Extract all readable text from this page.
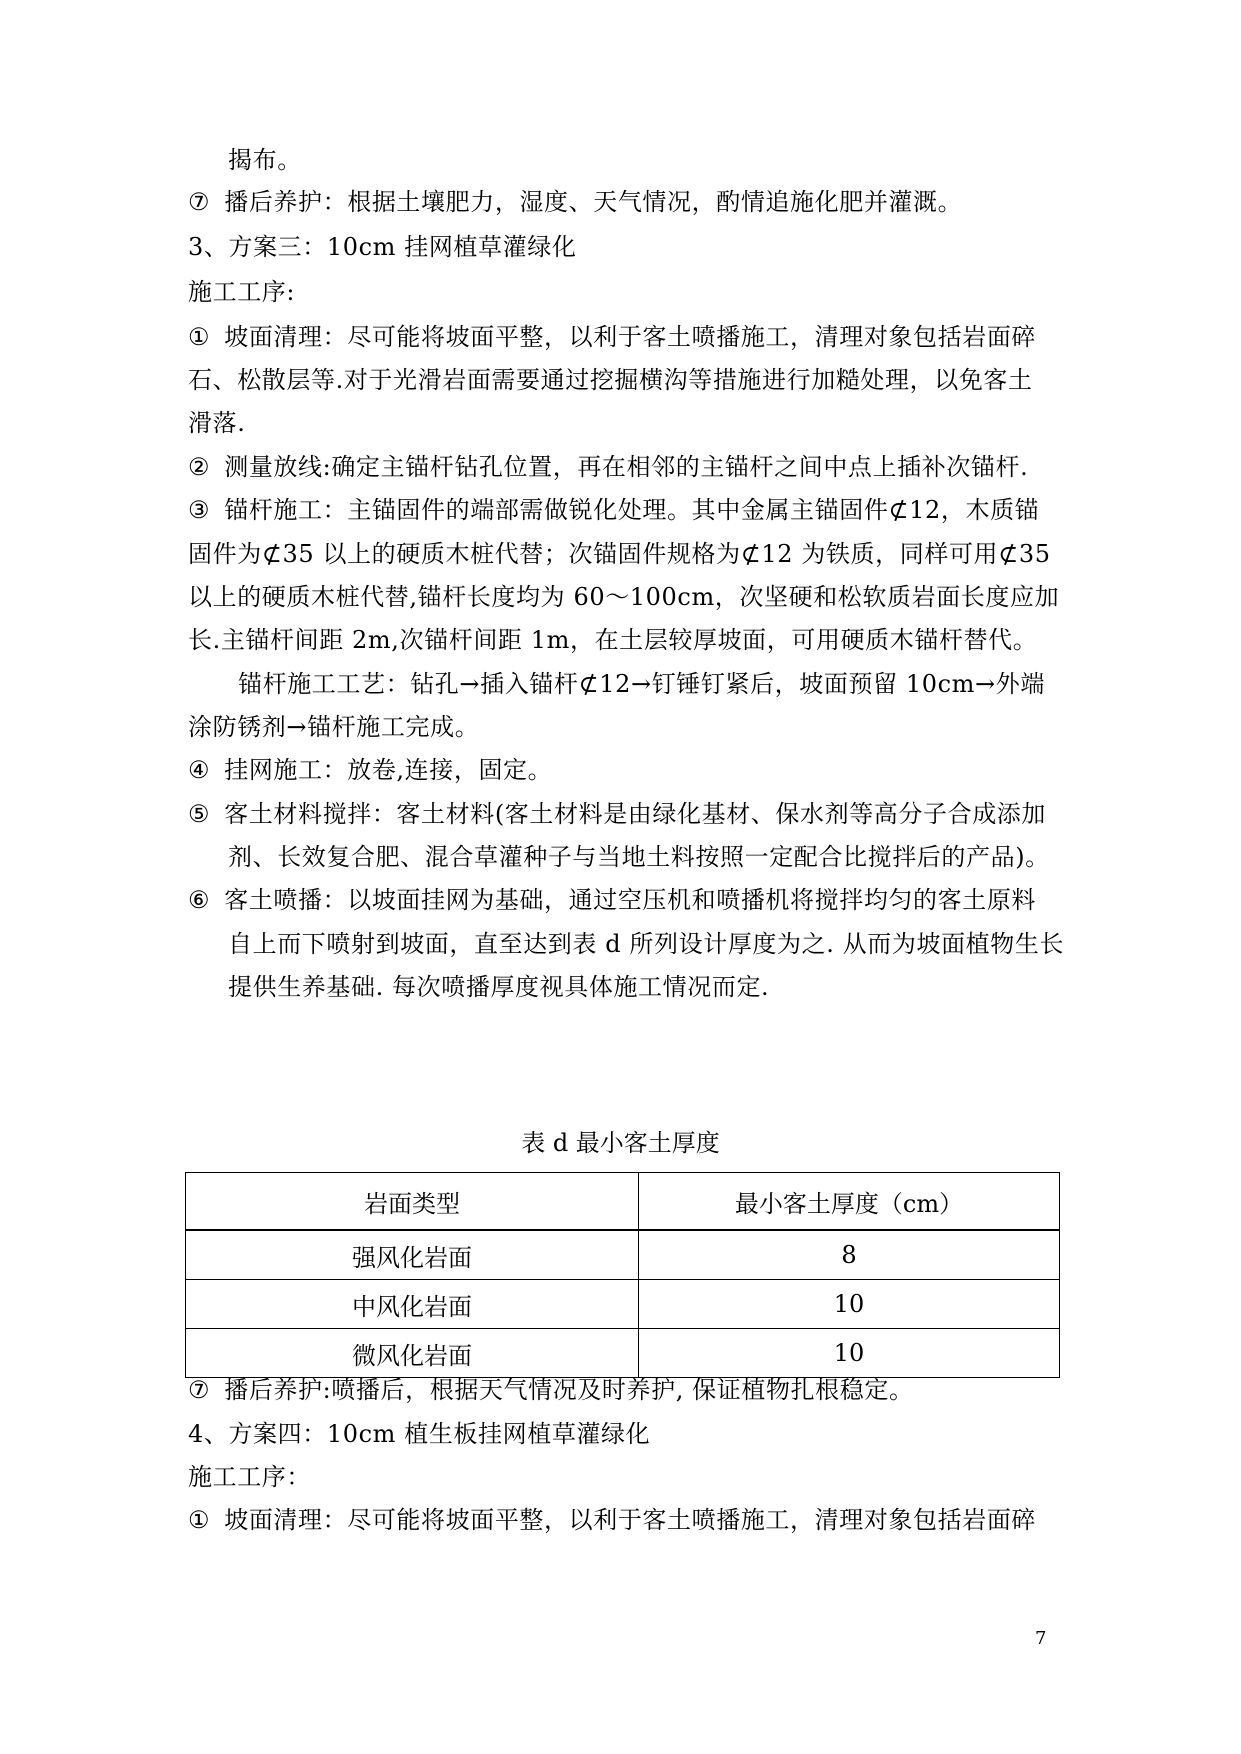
揭布。
⑦ 播后养护：根据土壤肥力，湿度、天气情况，酌情追施化肥并灌溉。
3、方案三：10cm 挂网植草灌绿化
施工工序:
① 坡面清理：尽可能将坡面平整，以利于客土喷播施工，清理对象包括岩面碎
石、松散层等.对于光滑岩面需要通过挖掘横沟等措施进行加糙处理，以免客土
滑落.
② 测量放线:确定主锚杆钻孔位置，再在相邻的主锚杆之间中点上插补次锚杆.
③ 锚杆施工：主锚固件的端部需做锐化处理。其中金属主锚固件⊄12，木质锚
固件为⊄35 以上的硬质木桩代替；次锚固件规格为⊄12 为铁质，同样可用⊄35
以上的硬质木桩代替,锚杆长度均为 60～100cm，次坚硬和松软质岩面长度应加
长.主锚杆间距 2m,次锚杆间距 1m，在土层较厚坡面，可用硬质木锚杆替代。
锚杆施工工艺：钻孔→插入锚杆⊄12→钉锤钉紧后，坡面预留 10cm→外端
涂防锈剂→锚杆施工完成。
④ 挂网施工：放卷,连接，固定。
⑤ 客土材料搅拌：客土材料(客土材料是由绿化基材、保水剂等高分子合成添加
剂、长效复合肥、混合草灌种子与当地土料按照一定配合比搅拌后的产品)。
⑥ 客土喷播：以坡面挂网为基础，通过空压机和喷播机将搅拌均匀的客土原料
自上而下喷射到坡面，直至达到表 d 所列设计厚度为之. 从而为坡面植物生长
提供生养基础. 每次喷播厚度视具体施工情况而定.
表 d 最小客土厚度
岩面类型	最小客土厚度（cm）
强风化岩面	8
中风化岩面	10
微风化岩面	10
⑦ 播后养护:喷播后，根据天气情况及时养护, 保证植物扎根稳定。
4、方案四：10cm 植生板挂网植草灌绿化
施工工序：
① 坡面清理：尽可能将坡面平整，以利于客土喷播施工，清理对象包括岩面碎
7
